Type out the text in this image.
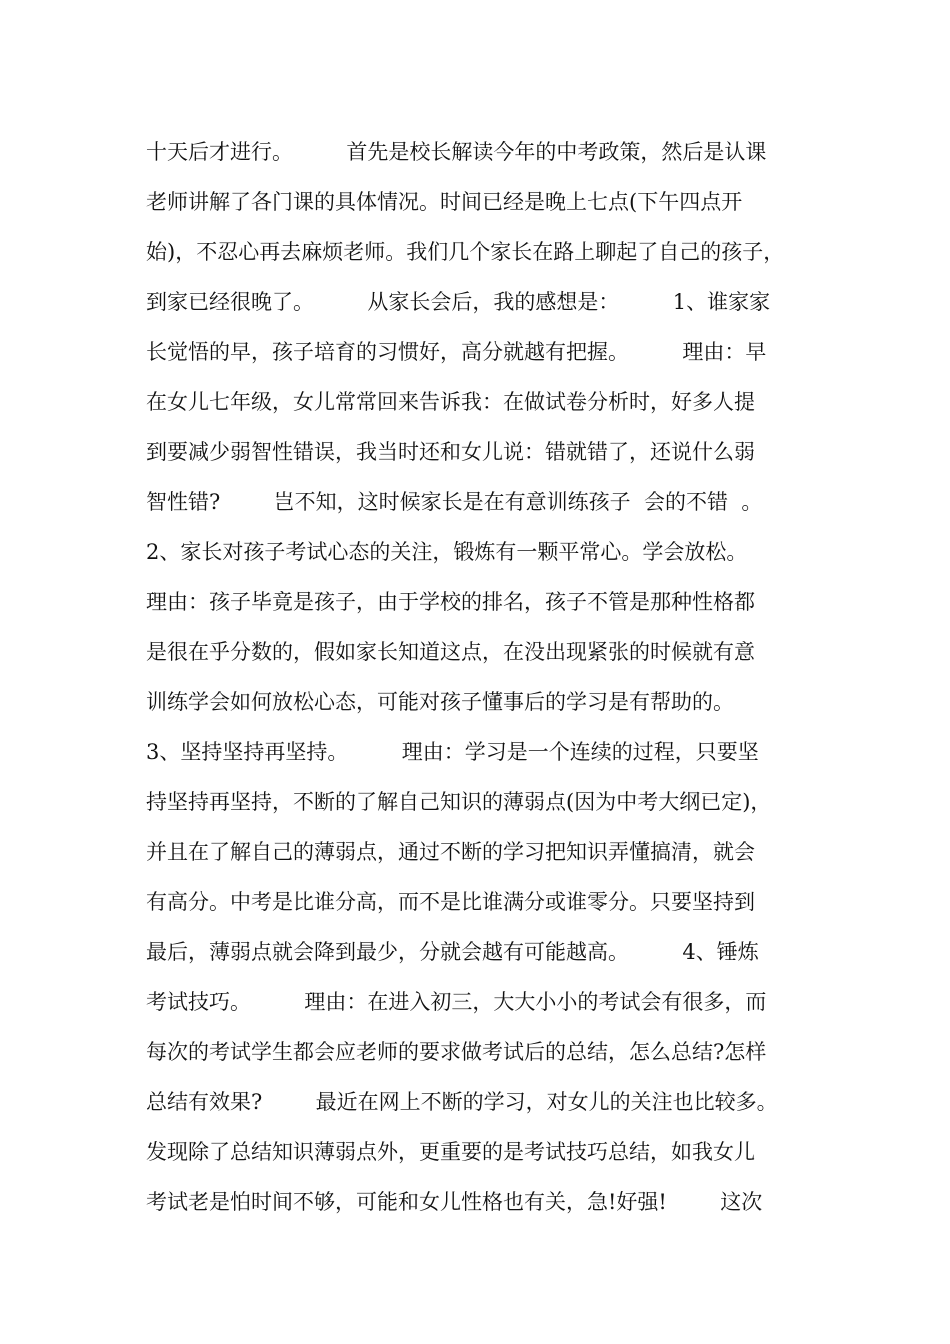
十天后才进行。        首先是校长解读今年的中考政策，然后是认课
老师讲解了各门课的具体情况。时间已经是晚上七点(下午四点开
始)，不忍心再去麻烦老师。我们几个家长在路上聊起了自己的孩子，
到家已经很晚了。        从家长会后，我的感想是：        1、谁家家
长觉悟的早，孩子培育的习惯好，高分就越有把握。        理由：早
在女儿七年级，女儿常常回来告诉我：在做试卷分析时，好多人提
到要减少弱智性错误，我当时还和女儿说：错就错了，还说什么弱
智性错?        岂不知，这时候家长是在有意训练孩子  会的不错  。
2、家长对孩子考试心态的关注，锻炼有一颗平常心。学会放松。
理由：孩子毕竟是孩子，由于学校的排名，孩子不管是那种性格都
是很在乎分数的，假如家长知道这点，在没出现紧张的时候就有意
训练学会如何放松心态，可能对孩子懂事后的学习是有帮助的。
3、坚持坚持再坚持。        理由：学习是一个连续的过程，只要坚
持坚持再坚持，不断的了解自己知识的薄弱点(因为中考大纲已定)，
并且在了解自己的薄弱点，通过不断的学习把知识弄懂搞清，就会
有高分。中考是比谁分高，而不是比谁满分或谁零分。只要坚持到
最后，薄弱点就会降到最少，分就会越有可能越高。        4、锤炼
考试技巧。        理由：在进入初三，大大小小的考试会有很多，而
每次的考试学生都会应老师的要求做考试后的总结，怎么总结?怎样
总结有效果?        最近在网上不断的学习，对女儿的关注也比较多。
发现除了总结知识薄弱点外，更重要的是考试技巧总结，如我女儿
考试老是怕时间不够，可能和女儿性格也有关，急!好强!        这次
